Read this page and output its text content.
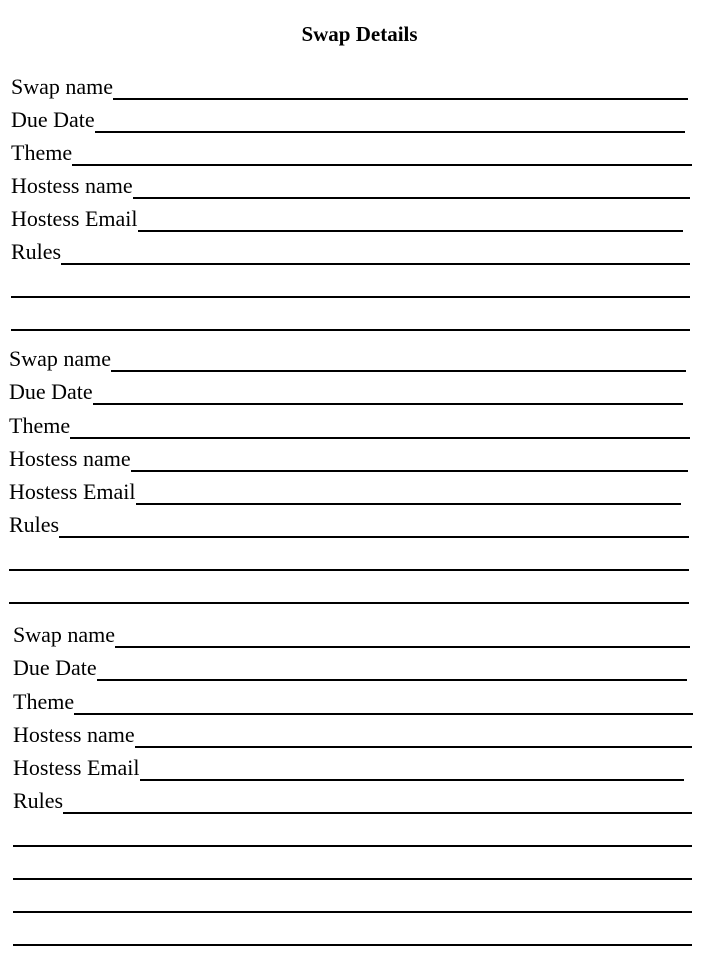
Swap Details
Swap name
Due Date
Theme
Hostess name
Hostess Email
Rules
Swap name
Due Date
Theme
Hostess name
Hostess Email
Rules
Swap name
Due Date
Theme
Hostess name
Hostess Email
Rules
